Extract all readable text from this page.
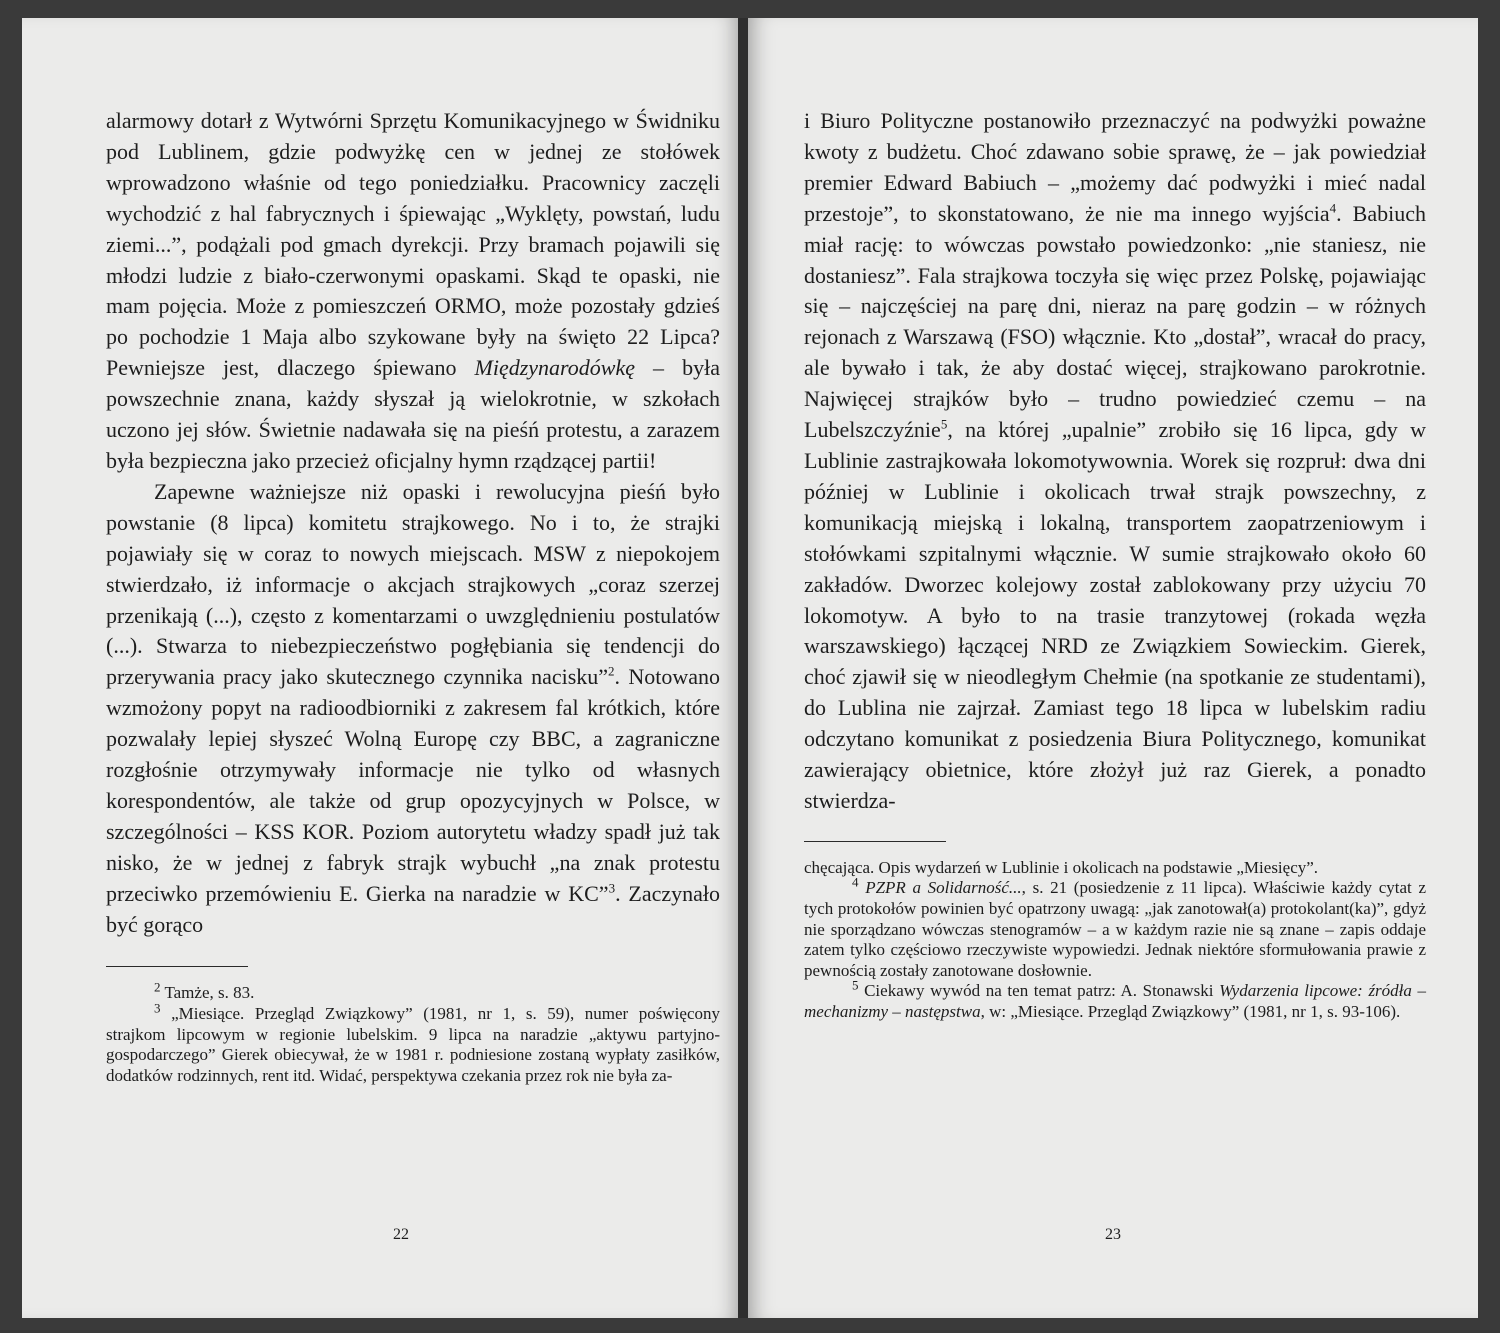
alarmowy dotarł z Wytwórni Sprzętu Komunikacyjnego w Świdniku pod Lublinem, gdzie podwyżkę cen w jednej ze stołówek wprowadzono właśnie od tego poniedziałku. Pracownicy zaczęli wychodzić z hal fabrycznych i śpiewając „Wyklęty, powstań, ludu ziemi...”, podążali pod gmach dyrekcji. Przy bramach pojawili się młodzi ludzie z biało-czerwonymi opaskami. Skąd te opaski, nie mam pojęcia. Może z pomieszczeń ORMO, może pozostały gdzieś po pochodzie 1 Maja albo szykowane były na święto 22 Lipca? Pewniejsze jest, dlaczego śpiewano Międzynarodówkę – była powszechnie znana, każdy słyszał ją wielokrotnie, w szkołach uczono jej słów. Świetnie nadawała się na pieśń protestu, a zarazem była bezpieczna jako przecież oficjalny hymn rządzącej partii!

Zapewne ważniejsze niż opaski i rewolucyjna pieśń było powstanie (8 lipca) komitetu strajkowego. No i to, że strajki pojawiały się w coraz to nowych miejscach. MSW z niepokojem stwierdzało, iż informacje o akcjach strajkowych „coraz szerzej przenikają (...), często z komentarzami o uwzględnieniu postulatów (...). Stwarza to niebezpieczeństwo pogłębiania się tendencji do przerywania pracy jako skutecznego czynnika nacisku”$^2$. Notowano wzmożony popyt na radioodbiorniki z zakresem fal krótkich, które pozwalały lepiej słyszeć Wolną Europę czy BBC, a zagraniczne rozgłośnie otrzymywały informacje nie tylko od własnych korespondentów, ale także od grup opozycyjnych w Polsce, w szczególności – KSS KOR. Poziom autorytetu władzy spadł już tak nisko, że w jednej z fabryk strajk wybuchł „na znak protestu przeciwko przemówieniu E. Gierka na naradzie w KC”$^3$. Zaczynało być gorąco

$^2$ Tamże, s. 83.

$^3$ „Miesiące. Przegląd Związkowy” (1981, nr 1, s. 59), numer poświęcony strajkom lipcowym w regionie lubelskim. 9 lipca na naradzie „aktywu partyjno-gospodarczego” Gierek obiecywał, że w 1981 r. podniesione zostaną wypłaty zasiłków, dodatków rodzinnych, rent itd. Widać, perspektywa czekania przez rok nie była za-

22

i Biuro Polityczne postanowiło przeznaczyć na podwyżki poważne kwoty z budżetu. Choć zdawano sobie sprawę, że – jak powiedział premier Edward Babiuch – „możemy dać podwyżki i mieć nadal przestoje”, to skonstatowano, że nie ma innego wyjścia$^4$. Babiuch miał rację: to wówczas powstało powiedzonko: „nie staniesz, nie dostaniesz”. Fala strajkowa toczyła się więc przez Polskę, pojawiając się – najczęściej na parę dni, nieraz na parę godzin – w różnych rejonach z Warszawą (FSO) włącznie. Kto „dostał”, wracał do pracy, ale bywało i tak, że aby dostać więcej, strajkowano parokrotnie. Najwięcej strajków było – trudno powiedzieć czemu – na Lubelszczyźnie$^5$, na której „upalnie” zrobiło się 16 lipca, gdy w Lublinie zastrajkowała lokomotywownia. Worek się rozpruł: dwa dni później w Lublinie i okolicach trwał strajk powszechny, z komunikacją miejską i lokalną, transportem zaopatrzeniowym i stołówkami szpitalnymi włącznie. W sumie strajkowało około 60 zakładów. Dworzec kolejowy został zablokowany przy użyciu 70 lokomotyw. A było to na trasie tranzytowej (rokada węzła warszawskiego) łączącej NRD ze Związkiem Sowieckim. Gierek, choć zjawił się w nieodległym Chełmie (na spotkanie ze studentami), do Lublina nie zajrzał. Zamiast tego 18 lipca w lubelskim radiu odczytano komunikat z posiedzenia Biura Politycznego, komunikat zawierający obietnice, które złożył już raz Gierek, a ponadto stwierdza-

chęcająca. Opis wydarzeń w Lublinie i okolicach na podstawie „Miesięcy”.

$^4$ PZPR a Solidarność..., s. 21 (posiedzenie z 11 lipca). Właściwie każdy cytat z tych protokołów powinien być opatrzony uwagą: „jak zanotował(a) protokolant(ka)”, gdyż nie sporządzano wówczas stenogramów – a w każdym razie nie są znane – zapis oddaje zatem tylko częściowo rzeczywiste wypowiedzi. Jednak niektóre sformułowania prawie z pewnością zostały zanotowane dosłownie.

$^5$ Ciekawy wywód na ten temat patrz: A. Stonawski Wydarzenia lipcowe: źródła – mechanizmy – następstwa, w: „Miesiące. Przegląd Związkowy” (1981, nr 1, s. 93-106).

23
